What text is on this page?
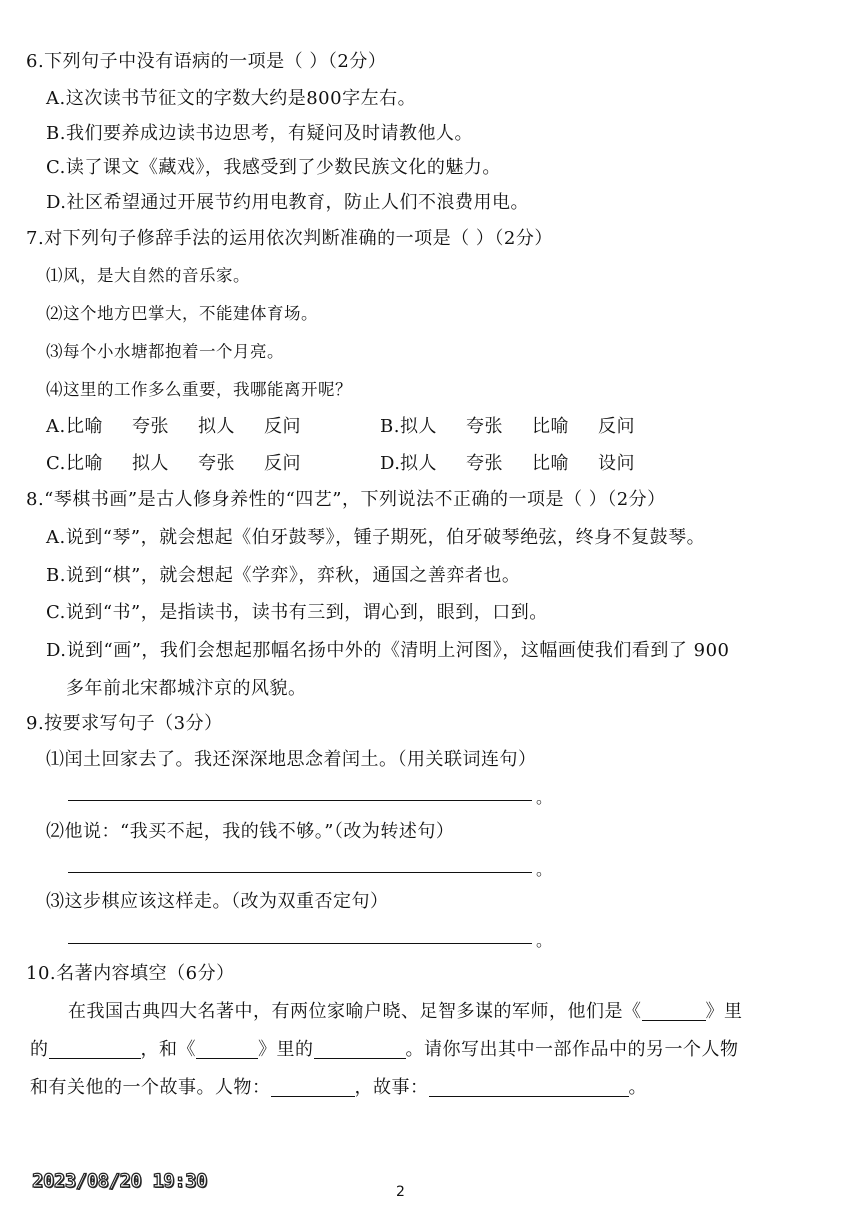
6.下列句子中没有语病的一项是（ ）（2分）
A.这次读书节征文的字数大约是800字左右。
B.我们要养成边读书边思考，有疑问及时请教他人。
C.读了课文《藏戏》，我感受到了少数民族文化的魅力。
D.社区希望通过开展节约用电教育，防止人们不浪费用电。
7.对下列句子修辞手法的运用依次判断准确的一项是（ ）（2分）
⑴风，是大自然的音乐家。
⑵这个地方巴掌大，不能建体育场。
⑶每个小水塘都抱着一个月亮。
⑷这里的工作多么重要，我哪能离开呢？
A.比喻 夸张 拟人 反问	B.拟人 夸张 比喻 反问
C.比喻 拟人 夸张 反问	D.拟人 夸张 比喻 设问
8.“琴棋书画”是古人修身养性的“四艺”，下列说法不正确的一项是（ ）（2分）
A.说到“琴”，就会想起《伯牙鼓琴》，锺子期死，伯牙破琴绝弦，终身不复鼓琴。
B.说到“棋”，就会想起《学弈》，弈秋，通国之善弈者也。
C.说到“书”，是指读书，读书有三到，谓心到，眼到，口到。
D.说到“画”，我们会想起那幅名扬中外的《清明上河图》，这幅画使我们看到了 900
多年前北宋都城汴京的风貌。
9.按要求写句子（3分）
⑴闰土回家去了。我还深深地思念着闰土。（用关联词连句）
。
⑵他说：“我买不起，我的钱不够。”（改为转述句）
。
⑶这步棋应该这样走。（改为双重否定句）
。
10.名著内容填空（6分）
在我国古典四大名著中，有两位家喻户晓、足智多谋的军师，他们是《	》里
的	，和《	》里的	。请你写出其中一部作品中的另一个人物
和有关他的一个故事。人物：	，故事：	。
2023/08/20 19:30	2
